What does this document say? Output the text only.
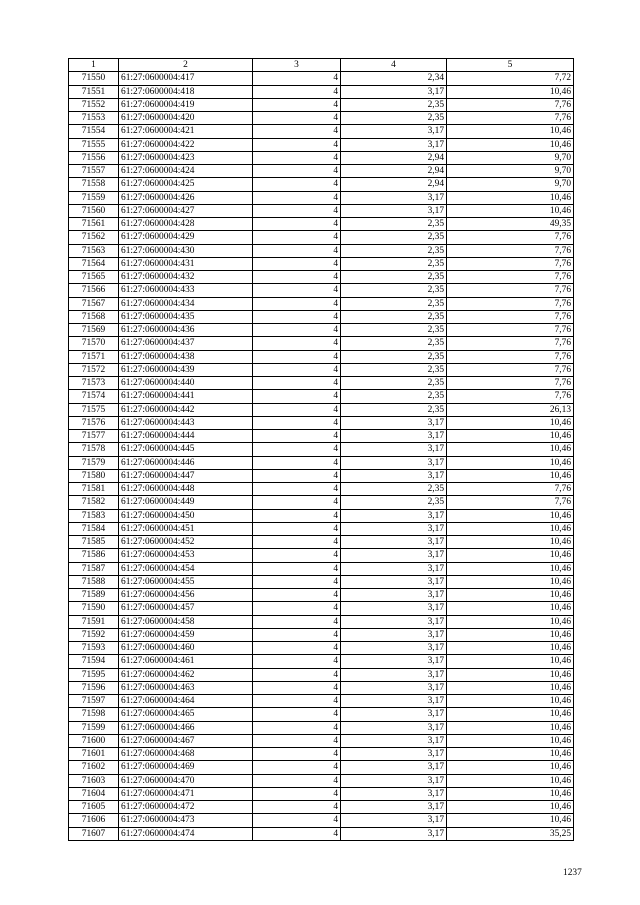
1	2	3	4	5
71550	61:27:0600004:417	4	2,34	7,72
71551	61:27:0600004:418	4	3,17	10,46
71552	61:27:0600004:419	4	2,35	7,76
71553	61:27:0600004:420	4	2,35	7,76
71554	61:27:0600004:421	4	3,17	10,46
71555	61:27:0600004:422	4	3,17	10,46
71556	61:27:0600004:423	4	2,94	9,70
71557	61:27:0600004:424	4	2,94	9,70
71558	61:27:0600004:425	4	2,94	9,70
71559	61:27:0600004:426	4	3,17	10,46
71560	61:27:0600004:427	4	3,17	10,46
71561	61:27:0600004:428	4	2,35	49,35
71562	61:27:0600004:429	4	2,35	7,76
71563	61:27:0600004:430	4	2,35	7,76
71564	61:27:0600004:431	4	2,35	7,76
71565	61:27:0600004:432	4	2,35	7,76
71566	61:27:0600004:433	4	2,35	7,76
71567	61:27:0600004:434	4	2,35	7,76
71568	61:27:0600004:435	4	2,35	7,76
71569	61:27:0600004:436	4	2,35	7,76
71570	61:27:0600004:437	4	2,35	7,76
71571	61:27:0600004:438	4	2,35	7,76
71572	61:27:0600004:439	4	2,35	7,76
71573	61:27:0600004:440	4	2,35	7,76
71574	61:27:0600004:441	4	2,35	7,76
71575	61:27:0600004:442	4	2,35	26,13
71576	61:27:0600004:443	4	3,17	10,46
71577	61:27:0600004:444	4	3,17	10,46
71578	61:27:0600004:445	4	3,17	10,46
71579	61:27:0600004:446	4	3,17	10,46
71580	61:27:0600004:447	4	3,17	10,46
71581	61:27:0600004:448	4	2,35	7,76
71582	61:27:0600004:449	4	2,35	7,76
71583	61:27:0600004:450	4	3,17	10,46
71584	61:27:0600004:451	4	3,17	10,46
71585	61:27:0600004:452	4	3,17	10,46
71586	61:27:0600004:453	4	3,17	10,46
71587	61:27:0600004:454	4	3,17	10,46
71588	61:27:0600004:455	4	3,17	10,46
71589	61:27:0600004:456	4	3,17	10,46
71590	61:27:0600004:457	4	3,17	10,46
71591	61:27:0600004:458	4	3,17	10,46
71592	61:27:0600004:459	4	3,17	10,46
71593	61:27:0600004:460	4	3,17	10,46
71594	61:27:0600004:461	4	3,17	10,46
71595	61:27:0600004:462	4	3,17	10,46
71596	61:27:0600004:463	4	3,17	10,46
71597	61:27:0600004:464	4	3,17	10,46
71598	61:27:0600004:465	4	3,17	10,46
71599	61:27:0600004:466	4	3,17	10,46
71600	61:27:0600004:467	4	3,17	10,46
71601	61:27:0600004:468	4	3,17	10,46
71602	61:27:0600004:469	4	3,17	10,46
71603	61:27:0600004:470	4	3,17	10,46
71604	61:27:0600004:471	4	3,17	10,46
71605	61:27:0600004:472	4	3,17	10,46
71606	61:27:0600004:473	4	3,17	10,46
71607	61:27:0600004:474	4	3,17	35,25
1237
